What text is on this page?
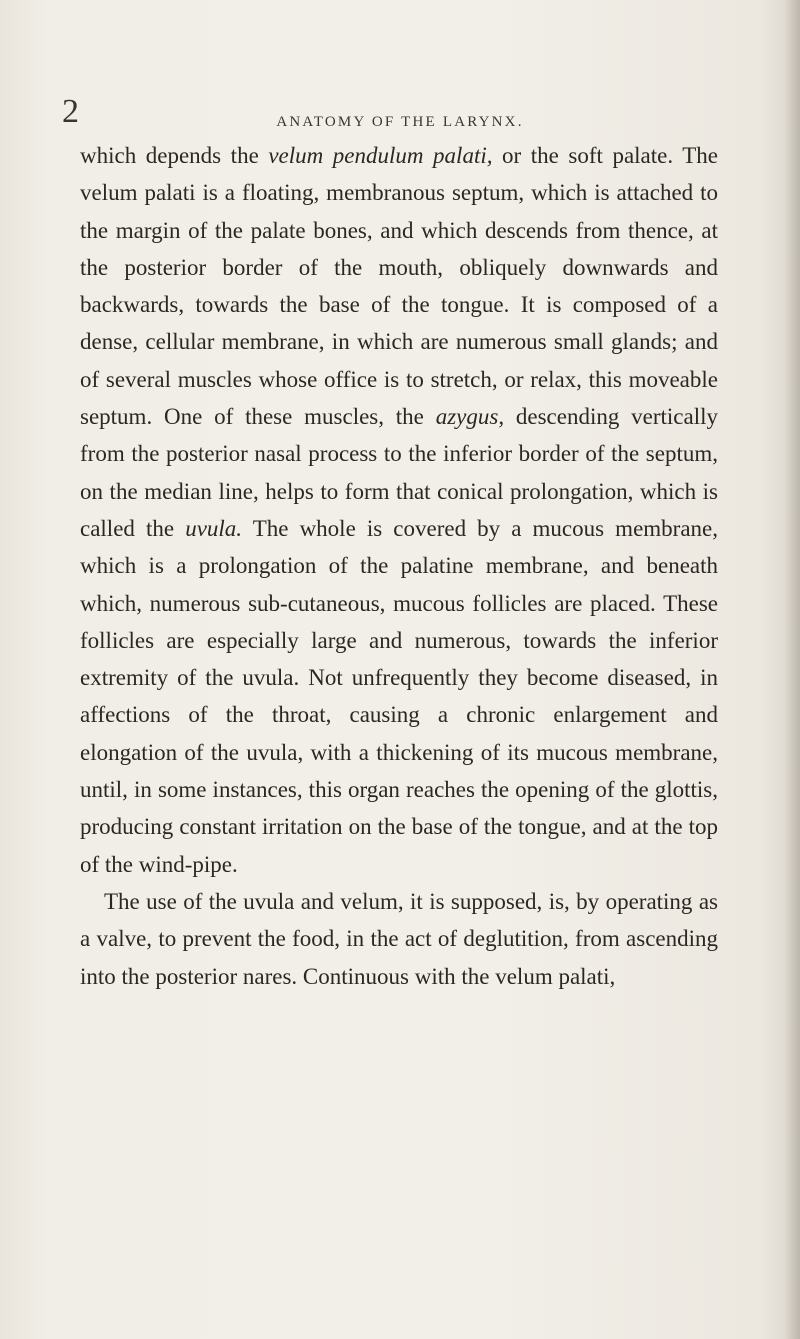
2	ANATOMY OF THE LARYNX.

which depends the velum pendulum palati, or the soft palate. The velum palati is a floating, membranous septum, which is attached to the margin of the palate bones, and which descends from thence, at the posterior border of the mouth, obliquely downwards and backwards, towards the base of the tongue. It is composed of a dense, cellular membrane, in which are numerous small glands; and of several muscles whose office is to stretch, or relax, this moveable septum. One of these muscles, the azygus, descending vertically from the posterior nasal process to the inferior border of the septum, on the median line, helps to form that conical prolongation, which is called the uvula. The whole is covered by a mucous membrane, which is a prolongation of the palatine membrane, and beneath which, numerous sub-cutaneous, mucous follicles are placed. These follicles are especially large and numerous, towards the inferior extremity of the uvula. Not unfrequently they become diseased, in affections of the throat, causing a chronic enlargement and elongation of the uvula, with a thickening of its mucous membrane, until, in some instances, this organ reaches the opening of the glottis, producing constant irritation on the base of the tongue, and at the top of the wind-pipe.

The use of the uvula and velum, it is supposed, is, by operating as a valve, to prevent the food, in the act of deglutition, from ascending into the posterior nares. Continuous with the velum palati,
